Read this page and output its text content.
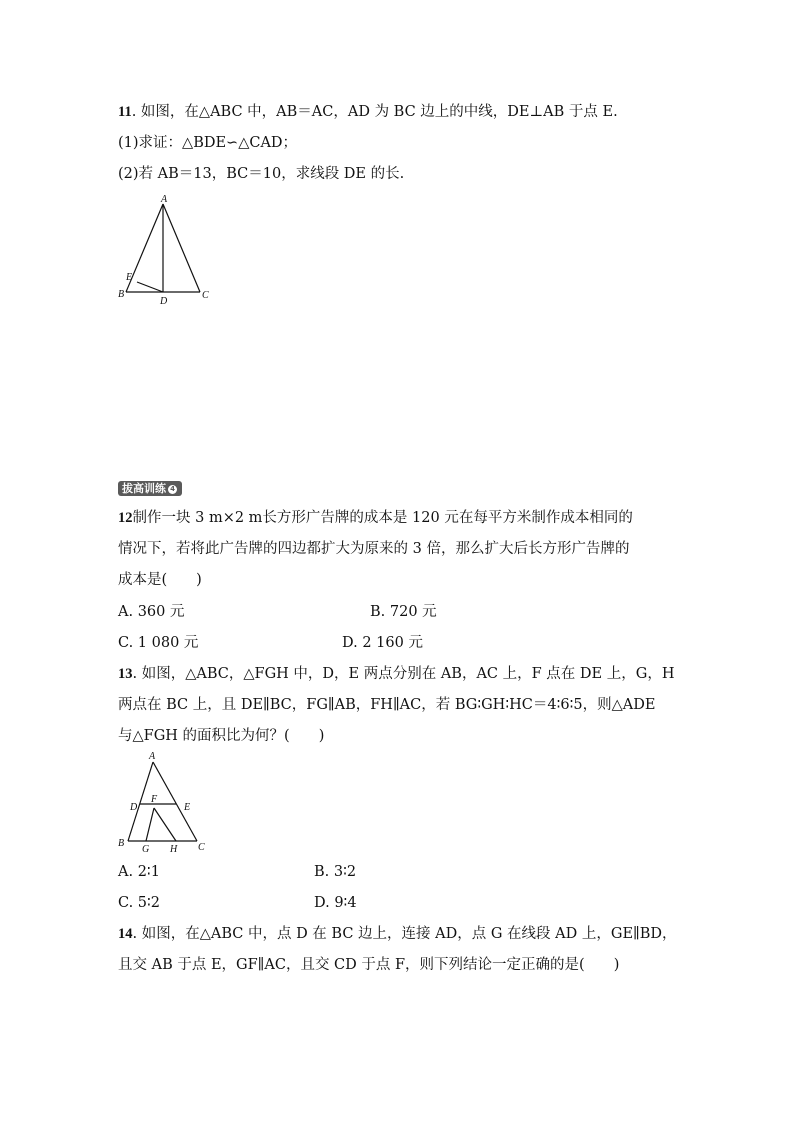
11. 如图，在△ABC 中，AB＝AC，AD 为 BC 边上的中线，DE⊥AB 于点 E.
(1)求证：△BDE∽△CAD；
(2)若 AB＝13，BC＝10，求线段 DE 的长.
A
E
B
D
C
拔高训练 4
12制作一块 3 m×2 m长方形广告牌的成本是 120 元在每平方米制作成本相同的
情况下，若将此广告牌的四边都扩大为原来的 3 倍，那么扩大后长方形广告牌的
成本是(　　)
A. 360 元	B. 720 元
C. 1 080 元	D. 2 160 元
13. 如图，△ABC，△FGH 中，D，E 两点分别在 AB，AC 上，F 点在 DE 上，G，H
两点在 BC 上，且 DE∥BC，FG∥AB，FH∥AC，若 BG∶GH∶HC＝4∶6∶5，则△ADE
与△FGH 的面积比为何？(　　)
A
D
F
E
B
G H C
A. 2∶1	B. 3∶2
C. 5∶2	D. 9∶4
14. 如图，在△ABC 中，点 D 在 BC 边上，连接 AD，点 G 在线段 AD 上，GE∥BD，
且交 AB 于点 E，GF∥AC，且交 CD 于点 F，则下列结论一定正确的是(　　)
